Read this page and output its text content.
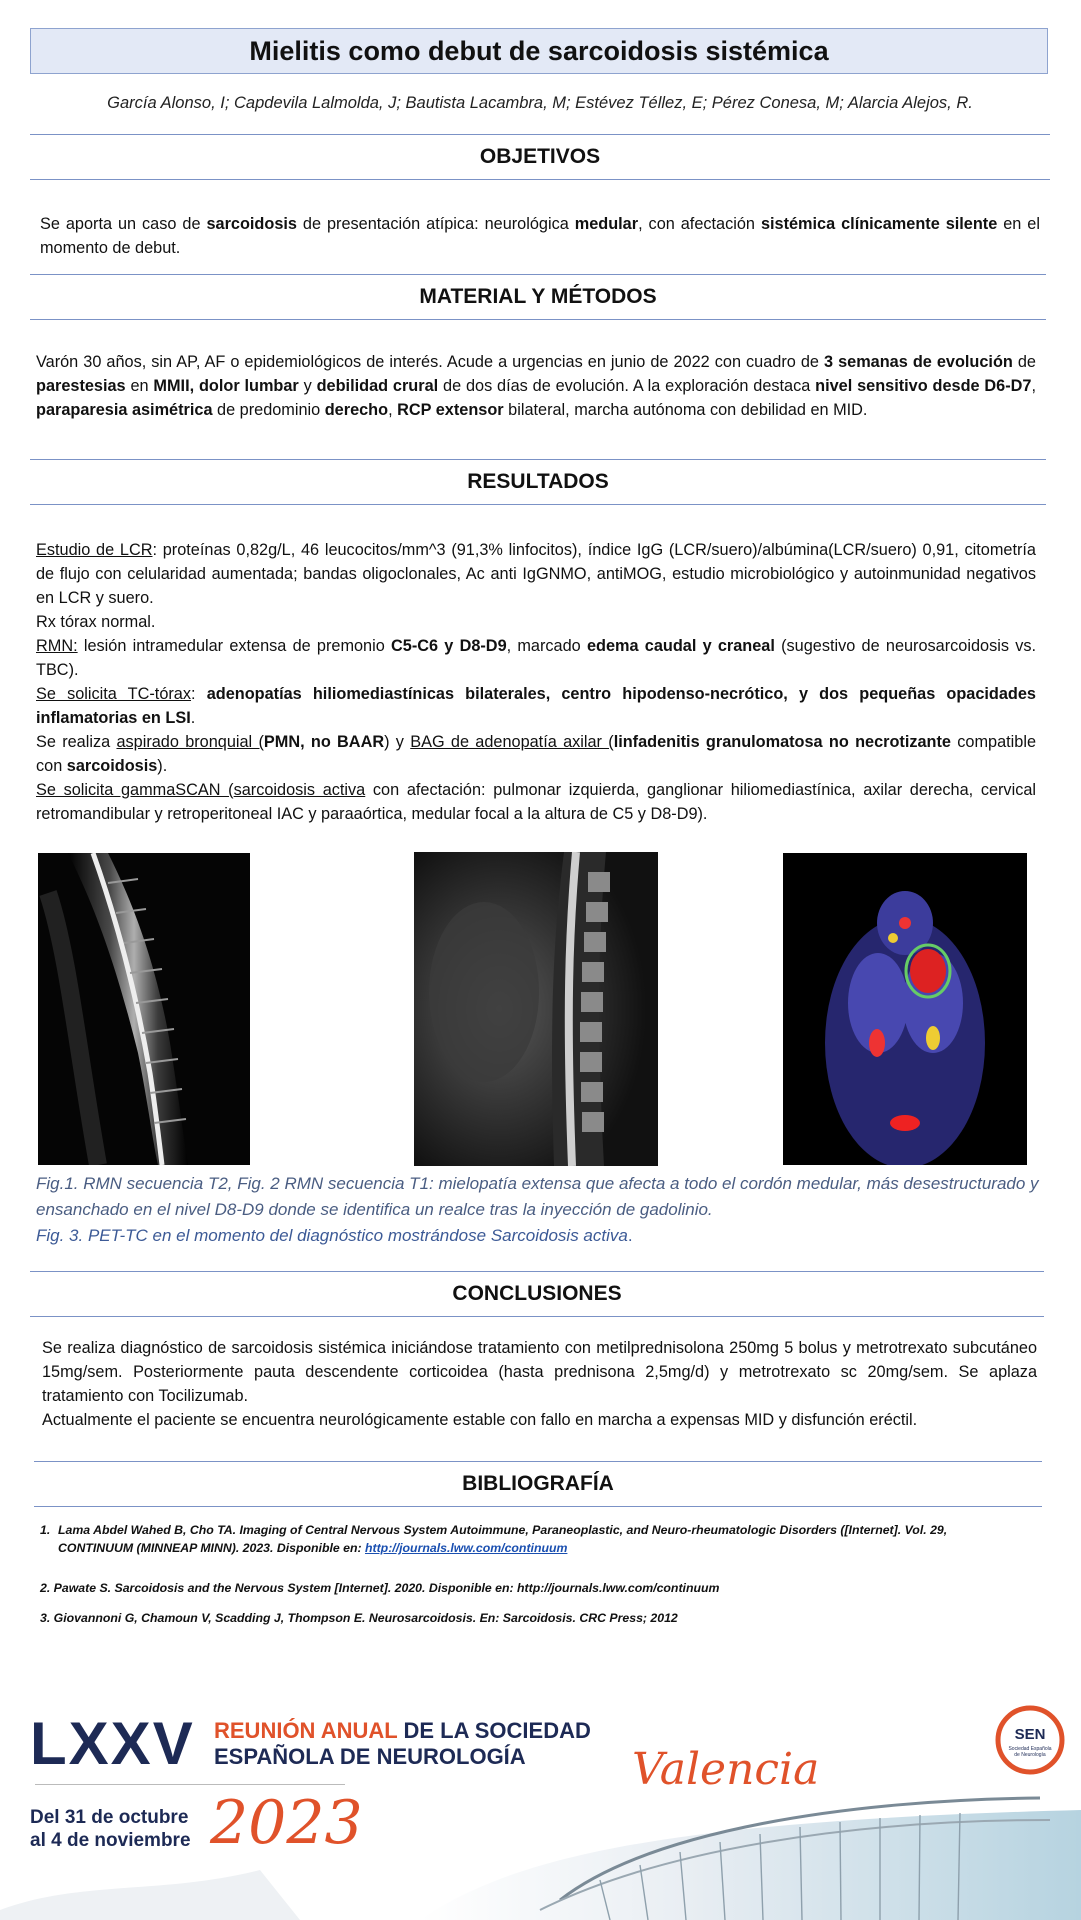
Mielitis como debut de sarcoidosis sistémica
García Alonso, I; Capdevila Lalmolda, J; Bautista Lacambra, M; Estévez Téllez, E; Pérez Conesa, M; Alarcia Alejos, R.
OBJETIVOS

Se aporta un caso de sarcoidosis de presentación atípica: neurológica medular, con afectación sistémica clínicamente silente en el momento de debut.

MATERIAL Y MÉTODOS

Varón 30 años, sin AP, AF o epidemiológicos de interés. Acude a urgencias en junio de 2022 con cuadro de 3 semanas de evolución de parestesias en MMII, dolor lumbar y debilidad crural de dos días de evolución. A la exploración destaca nivel sensitivo desde D6-D7, paraparesia asimétrica de predominio derecho, RCP extensor bilateral, marcha autónoma con debilidad en MID.

RESULTADOS

Estudio de LCR: proteínas 0,82g/L, 46 leucocitos/mm^3 (91,3% linfocitos), índice IgG (LCR/suero)/albúmina(LCR/suero) 0,91, citometría de flujo con celularidad aumentada; bandas oligoclonales, Ac anti IgGNMO, antiMOG, estudio microbiológico y autoinmunidad negativos en LCR y suero.

Rx tórax normal.

RMN: lesión intramedular extensa de premonio C5-C6 y D8-D9, marcado edema caudal y craneal (sugestivo de neurosarcoidosis vs. TBC).

Se solicita TC-tórax: adenopatías hiliomediastínicas bilaterales, centro hipodenso-necrótico, y dos pequeñas opacidades inflamatorias en LSI.

Se realiza aspirado bronquial (PMN, no BAAR) y BAG de adenopatía axilar (linfadenitis granulomatosa no necrotizante compatible con sarcoidosis).

Se solicita gammaSCAN (sarcoidosis activa con afectación: pulmonar izquierda, ganglionar hiliomediastínica, axilar derecha, cervical retromandibular y retroperitoneal IAC y paraaórtica, medular focal a la altura de C5 y D8-D9).

Fig.1. RMN secuencia T2, Fig. 2 RMN secuencia T1: mielopatía extensa que afecta a todo el cordón medular, más desestructurado y ensanchado en el nivel D8-D9 donde se identifica un realce tras la inyección de gadolinio.
Fig. 3. PET-TC en el momento del diagnóstico mostrándose Sarcoidosis activa.
CONCLUSIONES

Se realiza diagnóstico de sarcoidosis sistémica iniciándose tratamiento con metilprednisolona 250mg 5 bolus y metrotrexato subcutáneo 15mg/sem. Posteriormente pauta descendente corticoidea (hasta prednisona 2,5mg/d) y metrotrexato sc 20mg/sem. Se aplaza tratamiento con Tocilizumab.

Actualmente el paciente se encuentra neurológicamente estable con fallo en marcha a expensas MID y disfunción eréctil.

BIBLIOGRAFÍA
1. Lama Abdel Wahed B, Cho TA. Imaging of Central Nervous System Autoimmune, Paraneoplastic, and Neuro-rheumatologic Disorders ([Internet]. Vol. 29, CONTINUUM (MINNEAP MINN). 2023. Disponible en: http://journals.lww.com/continuum
2. Pawate S. Sarcoidosis and the Nervous System [Internet]. 2020. Disponible en: http://journals.lww.com/continuum
3. Giovannoni G, Chamoun V, Scadding J, Thompson E. Neurosarcoidosis. En: Sarcoidosis. CRC Press; 2012
LXXV REUNIÓN ANUAL DE LA SOCIEDAD
ESPAÑOLA DE NEUROLOGÍA	Valencia
Del 31 de octubre
al 4 de noviembre 2023
SEN
Sociedad Española
de Neurología
